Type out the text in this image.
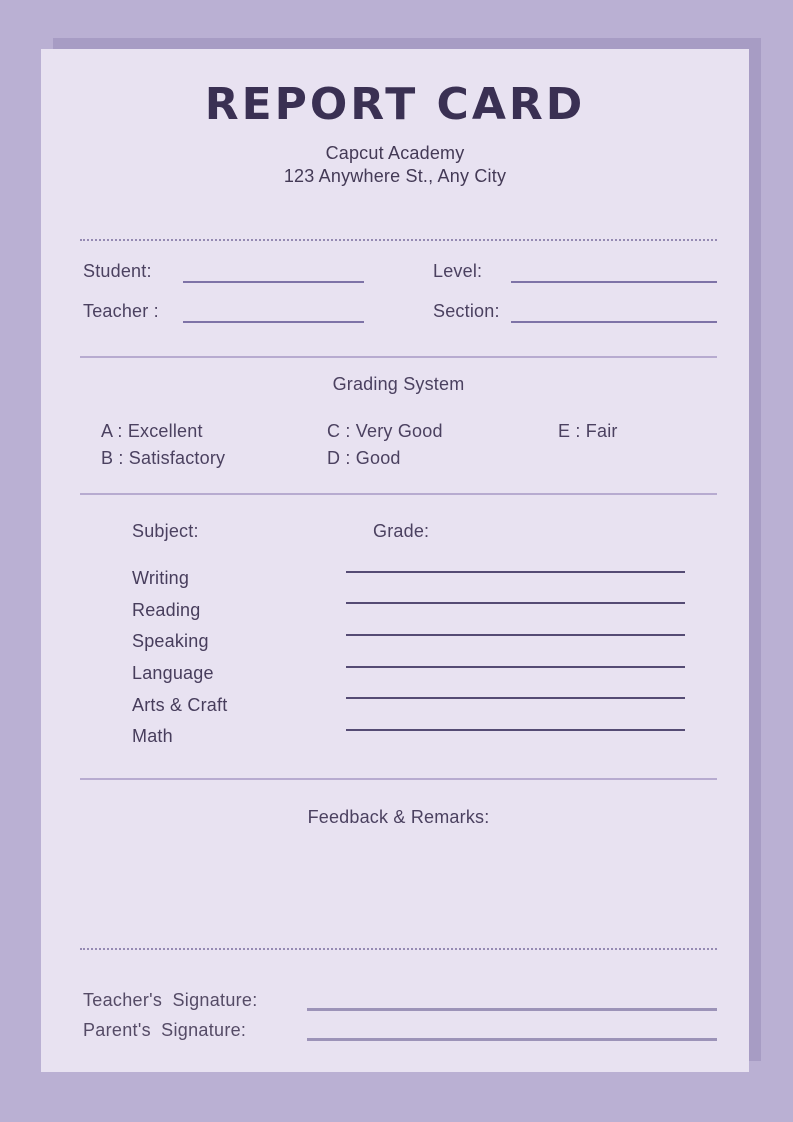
REPORT CARD
Capcut Academy
123 Anywhere St., Any City
Student:	Level:
Teacher :	Section:
Grading System
A : Excellent
B : Satisfactory
C : Very Good
D : Good
E : Fair
Subject:	Grade:
Writing
Reading
Speaking
Language
Arts & Craft
Math
Feedback & Remarks:
Teacher's Signature:
Parent's Signature:
